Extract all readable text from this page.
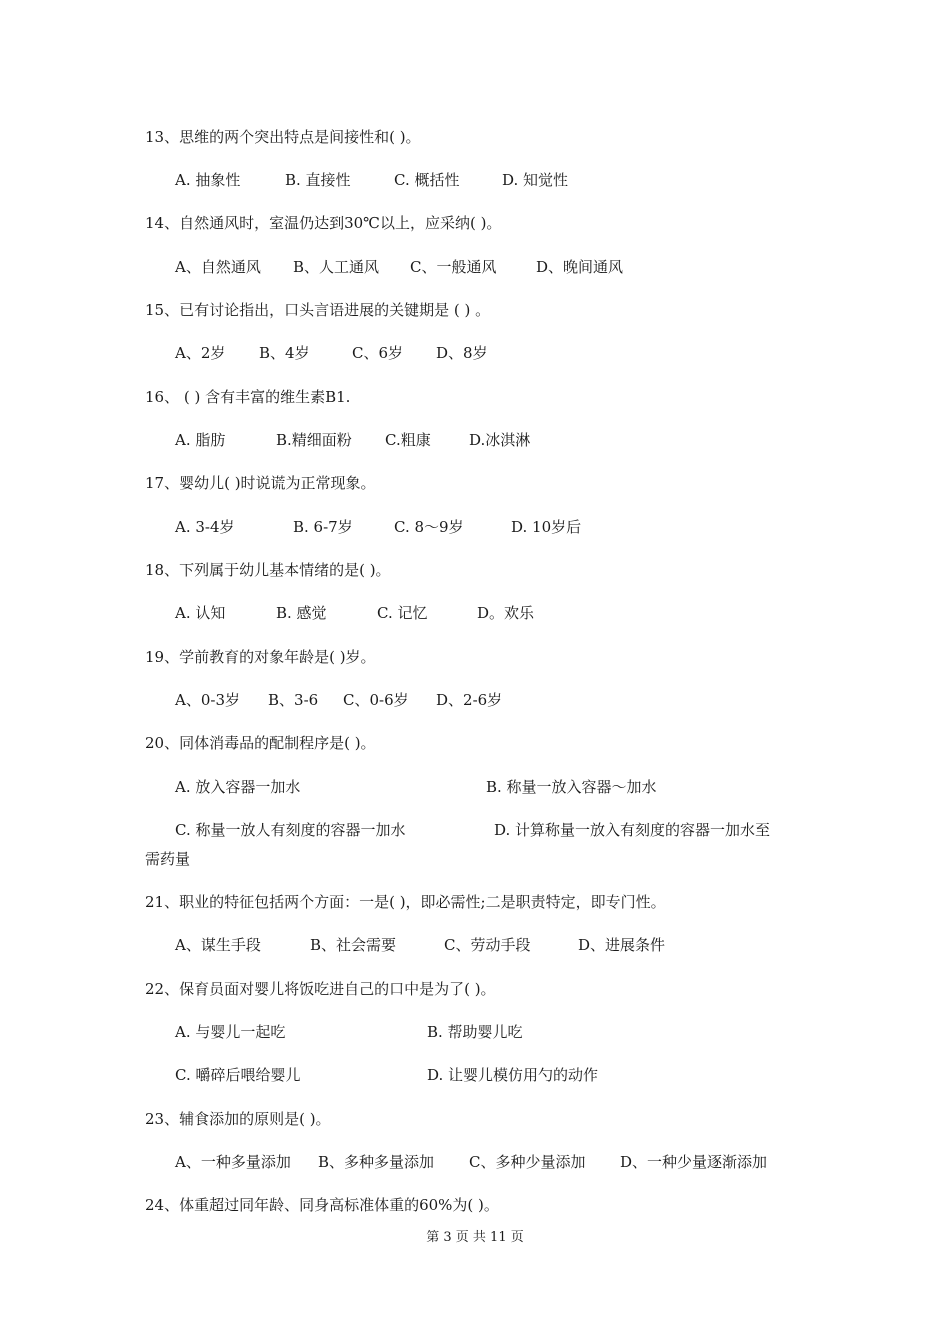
13、思维的两个突出特点是间接性和( )。
A. 抽象性	B. 直接性	C. 概括性	D. 知觉性
14、自然通风时，室温仍达到30℃以上，应采纳( )。
A、自然通风 B、人工通风 C、一般通风	D、晚间通风
15、已有讨论指出，口头言语进展的关键期是 ( ) 。
A、2岁 B、4岁	C、6岁 D、8岁
16、 ( ) 含有丰富的维生素B1.
A. 脂肪	B.精细面粉 C.粗康	D.冰淇淋
17、婴幼儿( )时说谎为正常现象。
A. 3-4岁	B. 6-7岁	C. 8～9岁	D. 10岁后
18、下列属于幼儿基本情绪的是( )。
A. 认知	B. 感觉	C. 记忆	D。欢乐
19、学前教育的对象年龄是( )岁。
A、0-3岁 B、3-6 C、0-6岁 D、2-6岁
20、同体消毒品的配制程序是( )。
A. 放入容器一加水	B. 称量一放入容器～加水
C. 称量一放人有刻度的容器一加水	D. 计算称量一放入有刻度的容器一加水至
需药量
21、职业的特征包括两个方面：一是( )，即必需性;二是职责特定，即专门性。
A、谋生手段	B、社会需要	C、劳动手段	D、进展条件
22、保育员面对婴儿将饭吃进自己的口中是为了( )。
A. 与婴儿一起吃	B. 帮助婴儿吃
C. 嚼碎后喂给婴儿	D. 让婴儿模仿用勺的动作
23、辅食添加的原则是( )。
A、一种多量添加 B、多种多量添加 C、多种少量添加 D、一种少量逐渐添加
24、体重超过同年龄、同身高标准体重的60%为( )。
第 3 页 共 11 页
